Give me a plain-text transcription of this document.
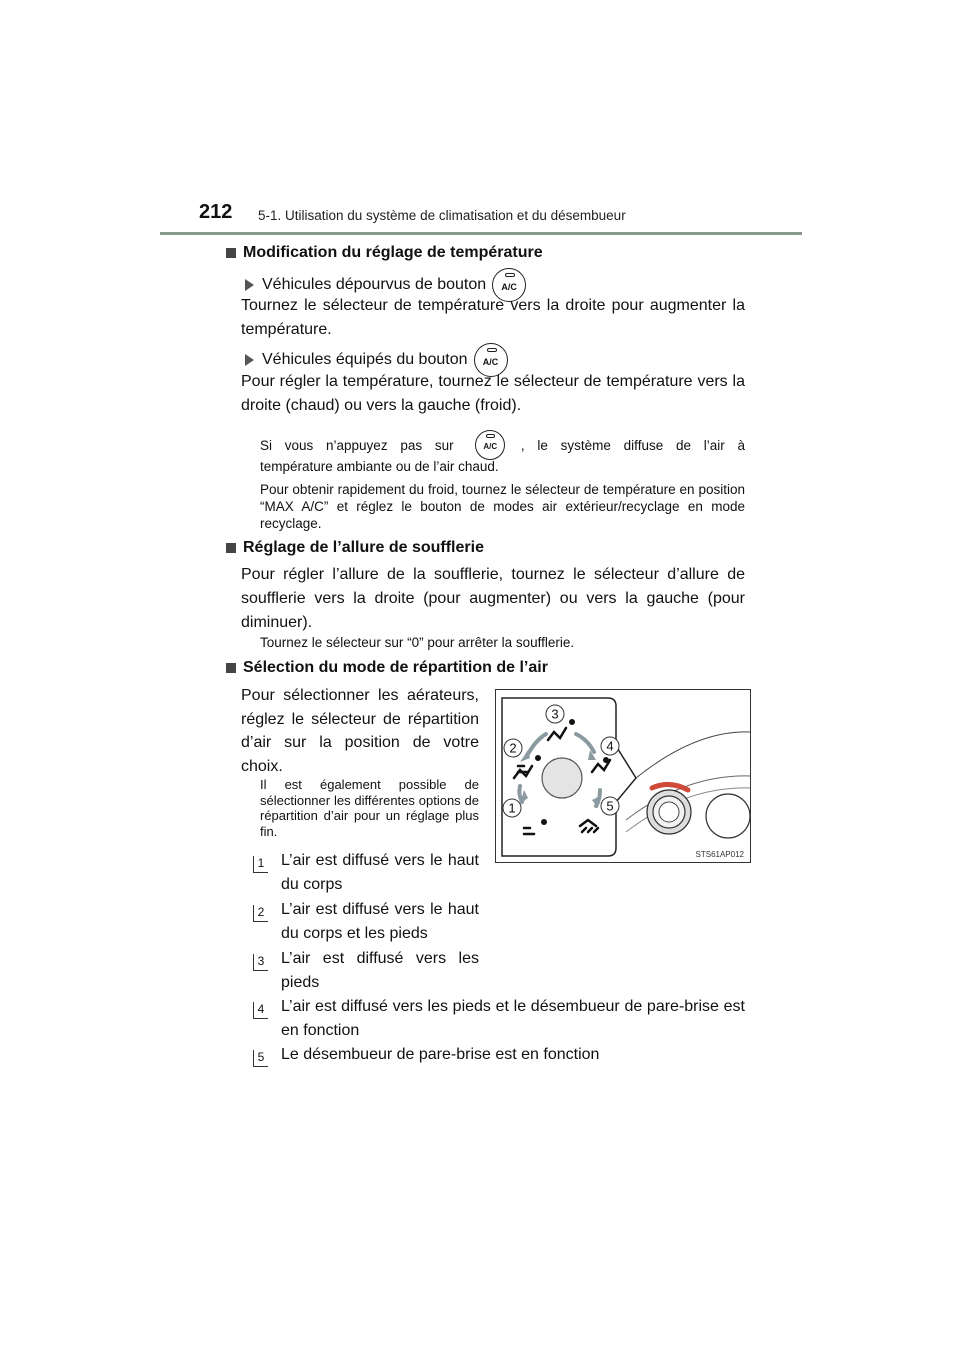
212 5-1. Utilisation du système de climatisation et du désembueur
Modification du réglage de température
Véhicules dépourvus de bouton	A/C
Tournez le sélecteur de température vers la droite pour augmenter la température.
Véhicules équipés du bouton	A/C
Pour régler la température, tournez le sélecteur de température vers la droite (chaud) ou vers la gauche (froid).
Si vous n’appuyez pas sur	A/C	, le système diffuse de l’air à
température ambiante ou de l’air chaud.
Pour obtenir rapidement du froid, tournez le sélecteur de température en position “MAX A/C” et réglez le bouton de modes air extérieur/recyclage en mode recyclage.
Réglage de l’allure de soufflerie
Pour régler l’allure de la soufflerie, tournez le sélecteur d’allure de soufflerie vers la droite (pour augmenter) ou vers la gauche (pour diminuer).
Tournez le sélecteur sur “0” pour arrêter la soufflerie.
Sélection du mode de répartition de l’air
Pour sélectionner les aérateurs, réglez le sélecteur de répartition d’air sur la position de votre choix.
Il est également possible de sélectionner les différentes options de répartition d’air pour un réglage plus fin.
1 L’air est diffusé vers le haut du corps
2 L’air est diffusé vers le haut du corps et les pieds
3 L’air est diffusé vers les pieds
4 L’air est diffusé vers les pieds et le désembueur de pare-brise est en fonction
5 Le désembueur de pare-brise est en fonction
1
2
3
4
5
STS61AP012
